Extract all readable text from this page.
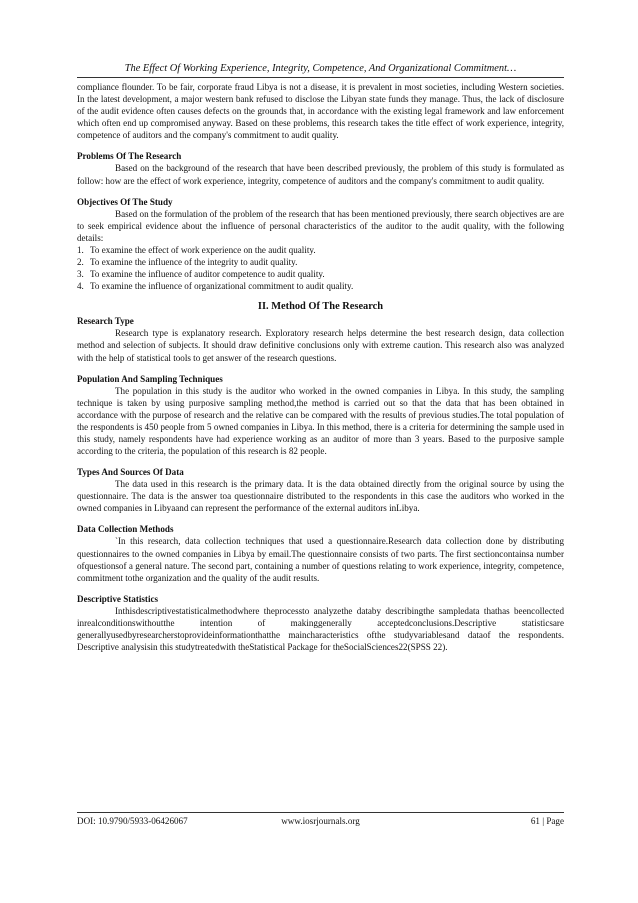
The Effect Of Working Experience, Integrity, Competence, And Organizational Commitment…

compliance flounder. To be fair, corporate fraud Libya is not a disease, it is prevalent in most societies, including Western societies. In the latest development, a major western bank refused to disclose the Libyan state funds they manage. Thus, the lack of disclosure of the audit evidence often causes defects on the grounds that, in accordance with the existing legal framework and law enforcement which often end up compromised anyway. Based on these problems, this research takes the title effect of work experience, integrity, competence of auditors and the company's commitment to audit quality.

Problems Of The Research

Based on the background of the research that have been described previously, the problem of this study is formulated as follow: how are the effect of work experience, integrity, competence of auditors and the company's commitment to audit quality.

Objectives Of The Study

Based on the formulation of the problem of the research that has been mentioned previously, there search objectives are are to seek empirical evidence about the influence of personal characteristics of the auditor to the audit quality, with the following details:

1. To examine the effect of work experience on the audit quality.
2. To examine the influence of the integrity to audit quality.
3. To examine the influence of auditor competence to audit quality.
4. To examine the influence of organizational commitment to audit quality.
II. Method Of The Research
Research Type

Research type is explanatory research. Exploratory research helps determine the best research design, data collection method and selection of subjects. It should draw definitive conclusions only with extreme caution. This research also was analyzed with the help of statistical tools to get answer of the research questions.

Population And Sampling Techniques

The population in this study is the auditor who worked in the owned companies in Libya. In this study, the sampling technique is taken by using purposive sampling method,the method is carried out so that the data that has been obtained in accordance with the purpose of research and the relative can be compared with the results of previous studies.The total population of the respondents is 450 people from 5 owned companies in Libya. In this method, there is a criteria for determining the sample used in this study, namely respondents have had experience working as an auditor of more than 3 years. Based to the purposive sample according to the criteria, the population of this research is 82 people.

Types And Sources Of Data

The data used in this research is the primary data. It is the data obtained directly from the original source by using the questionnaire. The data is the answer toa questionnaire distributed to the respondents in this case the auditors who worked in the owned companies in Libyaand can represent the performance of the external auditors inLibya.

Data Collection Methods

`In this research, data collection techniques that used a questionnaire.Research data collection done by distributing questionnaires to the owned companies in Libya by email.The questionnaire consists of two parts. The first sectioncontainsa number ofquestionsof a general nature. The second part, containing a number of questions relating to work experience, integrity, competence, commitment tothe organization and the quality of the audit results.

Descriptive Statistics

Inthisdescriptivestatisticalmethodwhere theprocessto analyzethe databy describingthe sampledata thathas beencollected inrealconditionswithoutthe intention of makinggenerally acceptedconclusions.Descriptive statisticsare generallyusedbyresearcherstoprovideinformationthatthe maincharacteristics ofthe studyvariablesand dataof the respondents. Descriptive analysisin this studytreatedwith theStatistical Package for theSocialSciences22(SPSS 22).

DOI: 10.9790/5933-06426067	www.iosrjournals.org	61 | Page
